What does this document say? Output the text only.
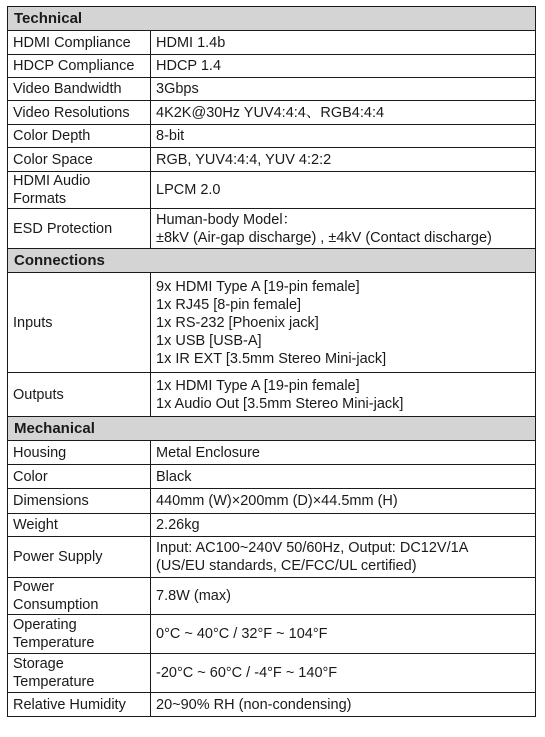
Technical	
HDMI Compliance	HDMI 1.4b
HDCP Compliance	HDCP 1.4
Video Bandwidth	3Gbps
Video Resolutions	4K2K@30Hz YUV4:4:4、RGB4:4:4
Color Depth	8-bit
Color Space	RGB, YUV4:4:4, YUV 4:2:2

HDMI Audio
Formats	LPCM 2.0
ESD Protection	Human-body Model：
±8kV (Air-gap discharge) , ±4kV (Contact discharge)

Connections	
Inputs	9x HDMI Type A [19-pin female]
1x RJ45 [8-pin female]
1x RS-232 [Phoenix jack]
1x USB [USB-A]
1x IR EXT [3.5mm Stereo Mini-jack]

Outputs	1x HDMI Type A [19-pin female]
1x Audio Out [3.5mm Stereo Mini-jack]

Mechanical	
Housing	Metal Enclosure
Color	Black
Dimensions	440mm (W)×200mm (D)×44.5mm (H)
Weight	2.26kg
Power Supply	Input: AC100~240V 50/60Hz, Output: DC12V/1A
(US/EU standards, CE/FCC/UL certified)

Power
Consumption	7.8W (max)

Operating
Temperature	0°C ~ 40°C / 32°F ~ 104°F

Storage
Temperature	-20°C ~ 60°C / -4°F ~ 140°F
Relative Humidity	20~90% RH (non-condensing)
